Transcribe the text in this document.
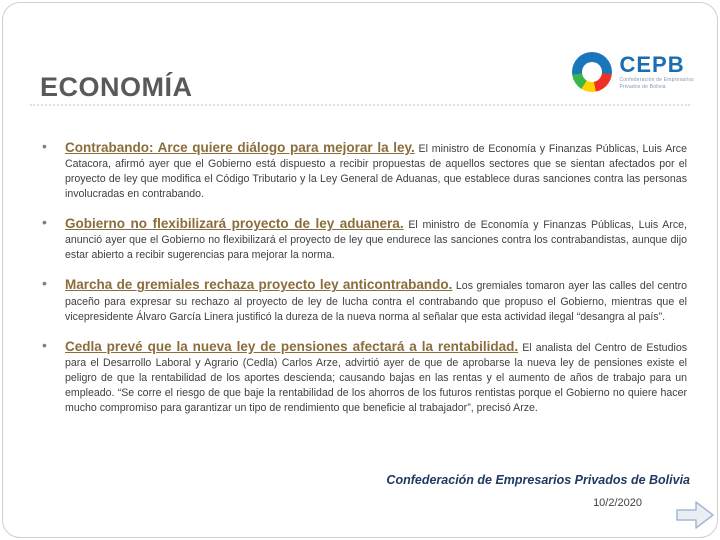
ECONOMÍA
CEPB
Confederación de Empresarios
Privados de Bolivia
• Contrabando: Arce quiere diálogo para mejorar la ley. El ministro de Economía y Finanzas Públicas, Luis Arce Catacora, afirmó ayer que el Gobierno está dispuesto a recibir propuestas de aquellos sectores que se sientan afectados por el proyecto de ley que modifica el Código Tributario y la Ley General de Aduanas, que establece duras sanciones contra las personas involucradas en contrabando.
• Gobierno no flexibilizará proyecto de ley aduanera. El ministro de Economía y Finanzas Públicas, Luis Arce, anunció ayer que el Gobierno no flexibilizará el proyecto de ley que endurece las sanciones contra los contrabandistas, aunque dijo estar abierto a recibir sugerencias para mejorar la norma.
• Marcha de gremiales rechaza proyecto ley anticontrabando. Los gremiales tomaron ayer las calles del centro paceño para expresar su rechazo al proyecto de ley de lucha contra el contrabando que propuso el Gobierno, mientras que el vicepresidente Álvaro García Linera justificó la dureza de la nueva norma al señalar que esta actividad ilegal “desangra al país”.
• Cedla prevé que la nueva ley de pensiones afectará a la rentabilidad. El analista del Centro de Estudios para el Desarrollo Laboral y Agrario (Cedla) Carlos Arze, advirtió ayer de que de aprobarse la nueva ley de pensiones existe el peligro de que la rentabilidad de los aportes descienda; causando bajas en las rentas y el aumento de años de trabajo para un empleado. “Se corre el riesgo de que baje la rentabilidad de los ahorros de los futuros rentistas porque el Gobierno no quiere hacer mucho compromiso para garantizar un tipo de rendimiento que beneficie al trabajador”, precisó Arze.
Confederación de Empresarios Privados de Bolivia
10/2/2020
